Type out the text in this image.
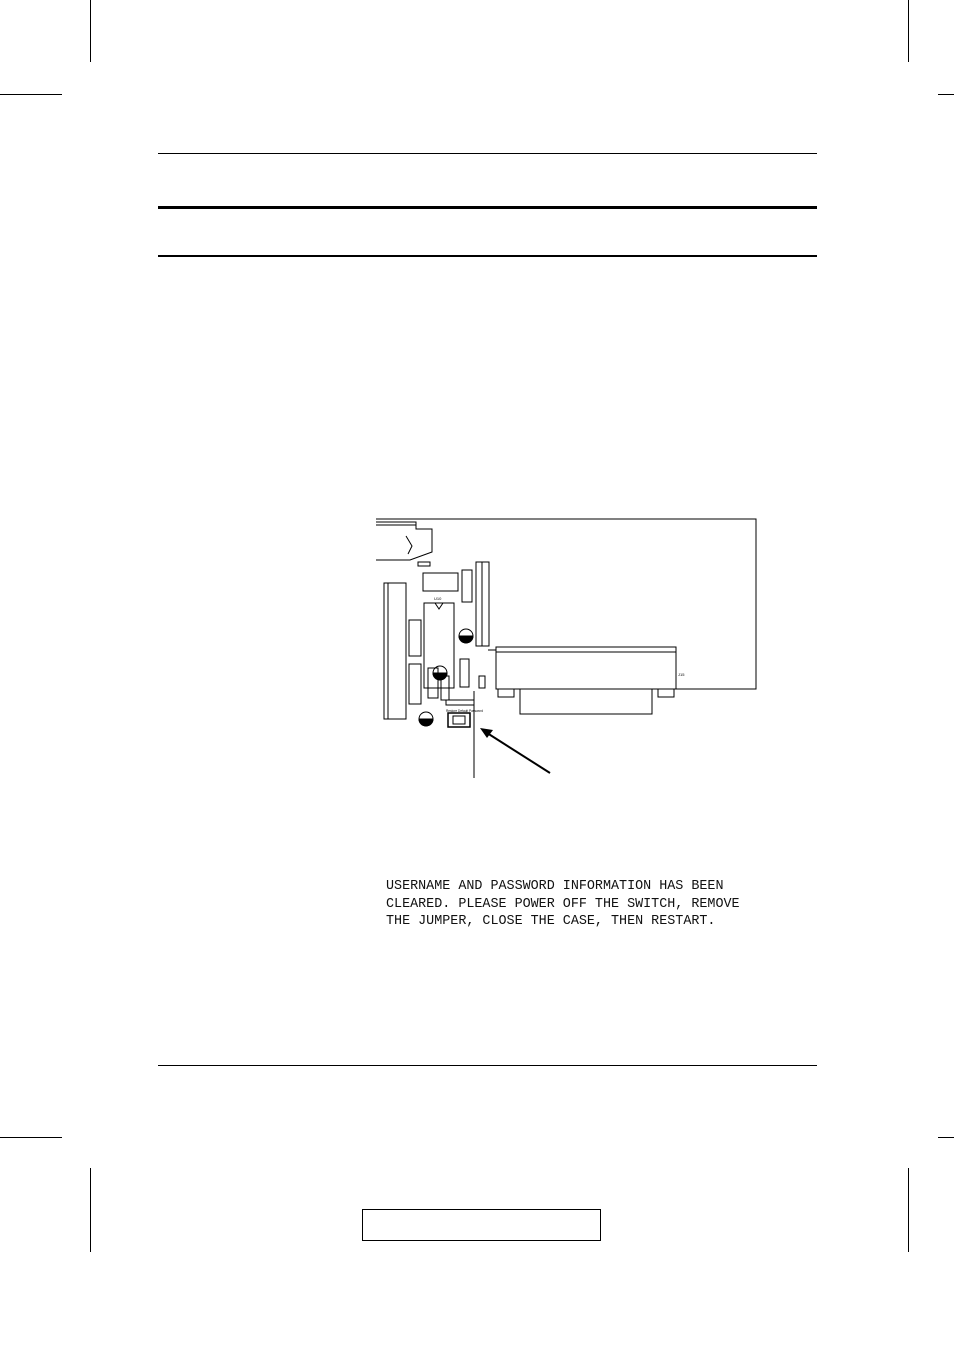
U10
J15
Restore Default Password

USERNAME AND PASSWORD INFORMATION HAS BEEN
CLEARED. PLEASE POWER OFF THE SWITCH, REMOVE
THE JUMPER, CLOSE THE CASE, THEN RESTART.
